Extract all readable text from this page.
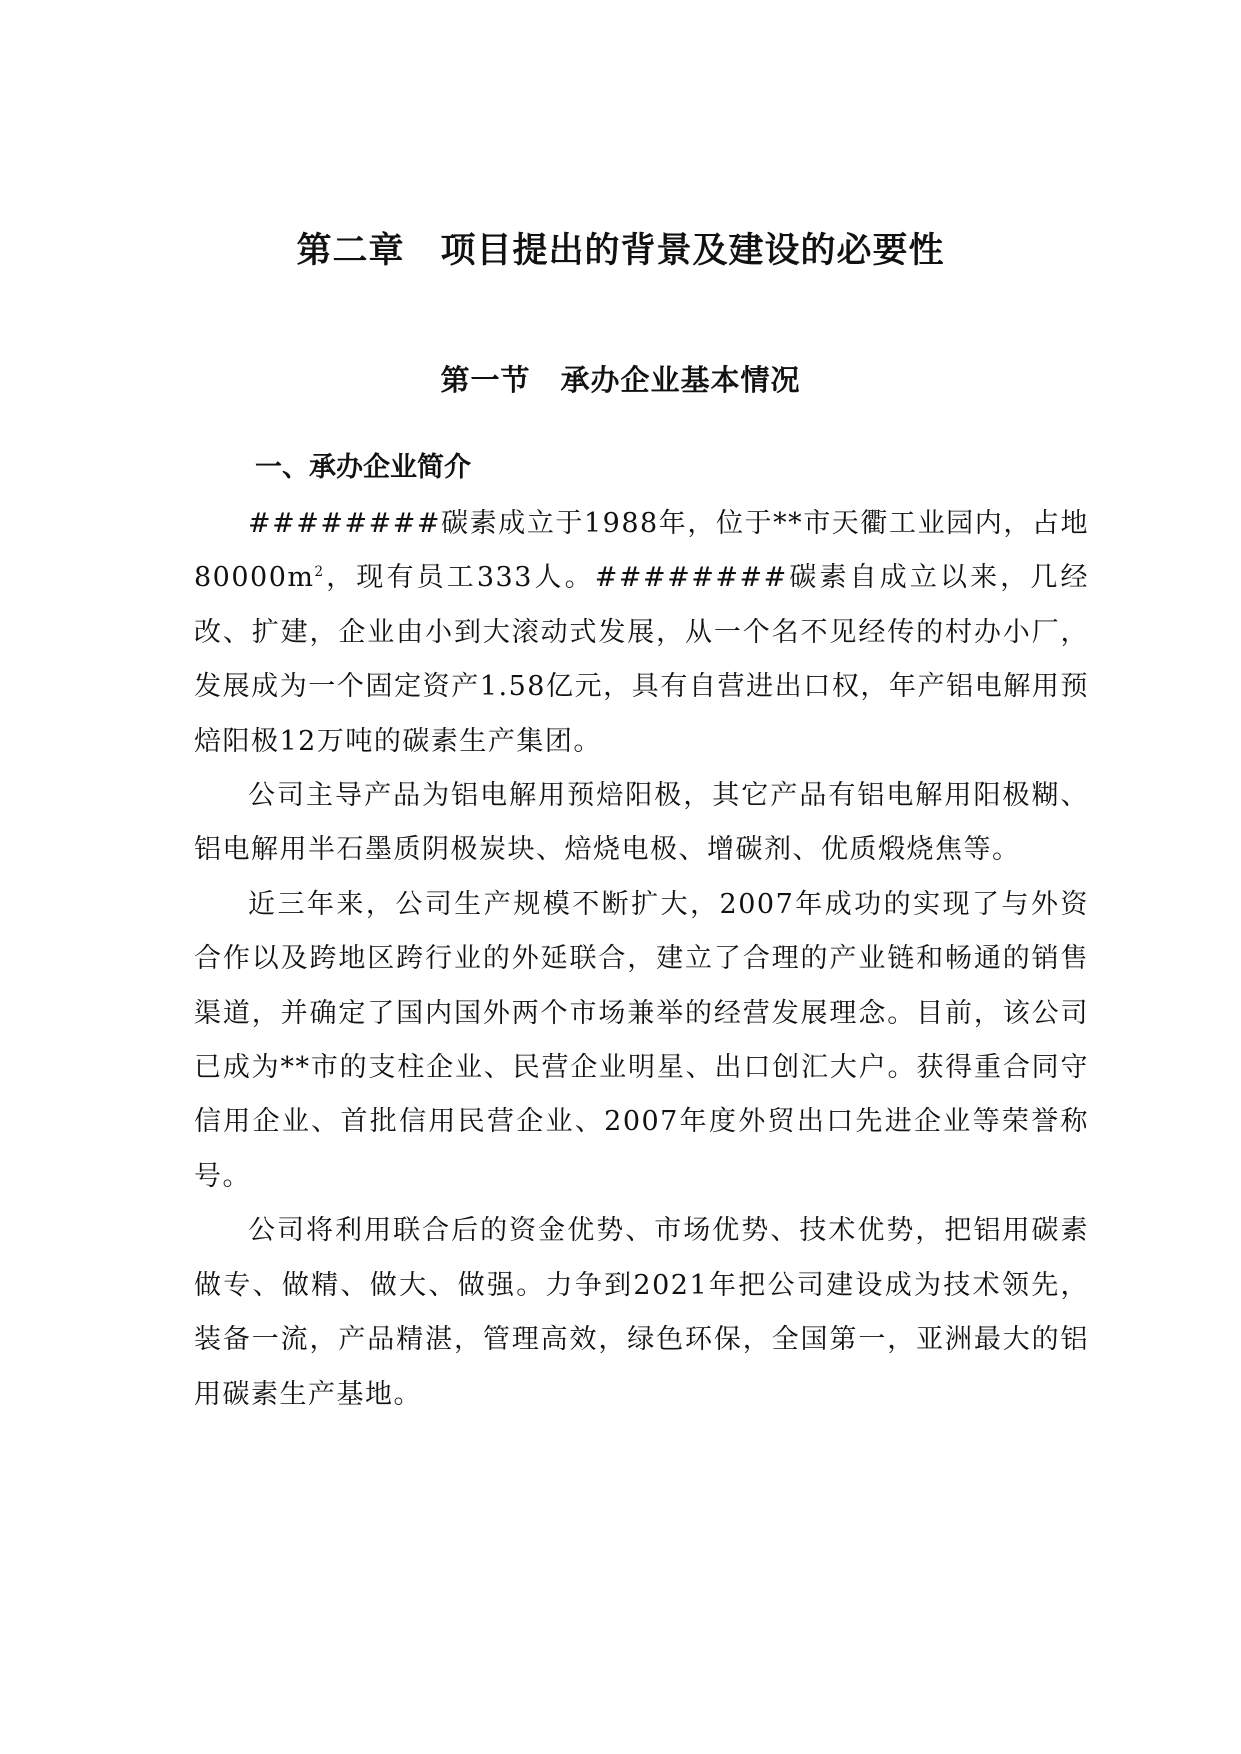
第二章　项目提出的背景及建设的必要性
第一节　承办企业基本情况
一、承办企业简介

########碳素成立于1988年，位于**市天衢工业园内，占地$80000m^2$，现有员工333人。########碳素自成立以来，几经改、扩建，企业由小到大滚动式发展，从一个名不见经传的村办小厂，发展成为一个固定资产1.58亿元，具有自营进出口权，年产铝电解用预焙阳极12万吨的碳素生产集团。

公司主导产品为铝电解用预焙阳极，其它产品有铝电解用阳极糊、铝电解用半石墨质阴极炭块、焙烧电极、增碳剂、优质煅烧焦等。

近三年来，公司生产规模不断扩大，2007年成功的实现了与外资合作以及跨地区跨行业的外延联合，建立了合理的产业链和畅通的销售渠道，并确定了国内国外两个市场兼举的经营发展理念。目前，该公司已成为**市的支柱企业、民营企业明星、出口创汇大户。获得重合同守信用企业、首批信用民营企业、2007年度外贸出口先进企业等荣誉称号。

公司将利用联合后的资金优势、市场优势、技术优势，把铝用碳素做专、做精、做大、做强。力争到2021年把公司建设成为技术领先，装备一流，产品精湛，管理高效，绿色环保，全国第一，亚洲最大的铝用碳素生产基地。
